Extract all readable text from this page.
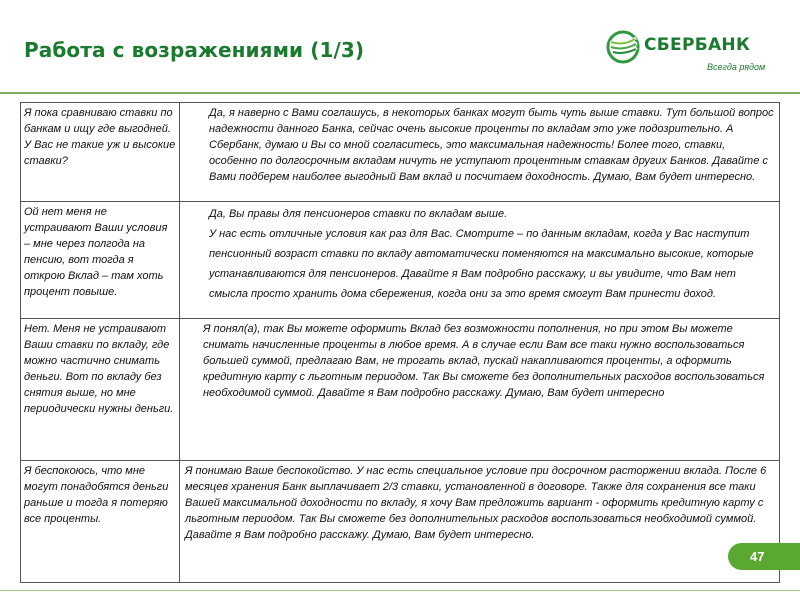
Работа с возражениями (1/3)	СБЕРБАНК
Всегда рядом
Я пока сравниваю ставки по банкам и ищу где выгодней. У Вас не такие уж и высокие ставки?	Да, я наверно с Вами соглашусь, в некоторых банках могут быть чуть выше ставки. Тут большой вопрос надежности данного Банка, сейчас очень высокие проценты по вкладам это уже подозрительно. А Сбербанк, думаю и Вы со мной согласитесь, это максимальная надежность! Более того, ставки, особенно по долгосрочным вкладам ничуть не уступают процентным ставкам других Банков. Давайте с Вами подберем наиболее выгодный Вам вклад и посчитаем доходность. Думаю, Вам будет интересно.

Ой нет меня не устраивают Ваши условия – мне через полгода на пенсию, вот тогда я открою Вклад – там хоть процент повыше.	Да, Вы правы для пенсионеров ставки по вкладам выше.
У нас есть отличные условия как раз для Вас. Смотрите – по данным вкладам, когда у Вас наступит пенсионный возраст ставки по вкладу автоматически поменяются на максимально высокие, которые устанавливаются для пенсионеров. Давайте я Вам подробно расскажу, и вы увидите, что Вам нет смысла просто хранить дома сбережения, когда они за это время смогут Вам принести доход.

Нет. Меня не устраивают Ваши ставки по вкладу, где можно частично снимать деньги. Вот по вкладу без снятия выше, но мне периодически нужны деньги.	Я понял(а), так Вы можете оформить Вклад без возможности пополнения, но при этом Вы можете снимать начисленные проценты в любое время. А в случае если Вам все таки нужно воспользоваться большей суммой, предлагаю Вам, не трогать вклад, пускай накапливаются проценты, а оформить кредитную карту с льготным периодом. Так Вы сможете без дополнительных расходов воспользоваться необходимой суммой. Давайте я Вам подробно расскажу. Думаю, Вам будет интересно

Я беспокоюсь, что мне могут понадобятся деньги раньше и тогда я потеряю все проценты.	Я понимаю Ваше беспокойство. У нас есть специальное условие при досрочном расторжении вклада. После 6 месяцев хранения Банк выплачивает 2/3 ставки, установленной в договоре. Также для сохранения все таки Вашей максимальной доходности по вкладу, я хочу Вам предложить вариант - оформить кредитную карту с льготным периодом. Так Вы сможете без дополнительных расходов воспользоваться необходимой суммой. Давайте я Вам подробно расскажу. Думаю, Вам будет интересно.
47
